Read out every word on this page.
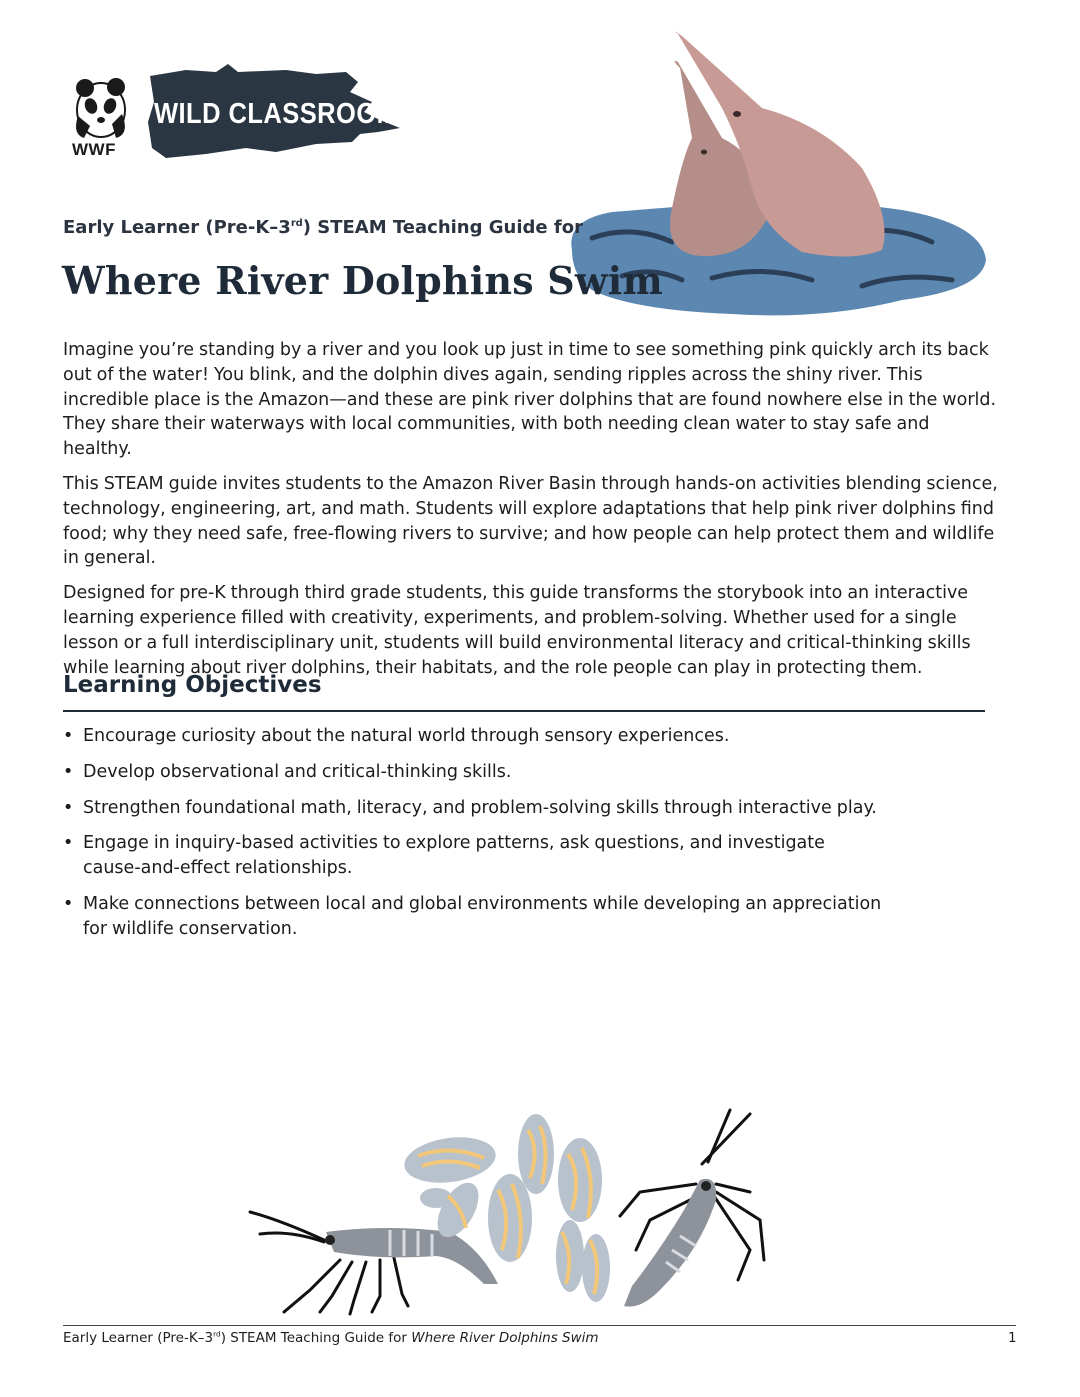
WWF
WILD CLASSROOM
Early Learner (Pre-K–3rd) STEAM Teaching Guide for
Where River Dolphins Swim

Imagine you’re standing by a river and you look up just in time to see something pink quickly arch its back out of the water! You blink, and the dolphin dives again, sending ripples across the shiny river. This incredible place is the Amazon—and these are pink river dolphins that are found nowhere else in the world. They share their waterways with local communities, with both needing clean water to stay safe and healthy.

This STEAM guide invites students to the Amazon River Basin through hands-on activities blending science, technology, engineering, art, and math. Students will explore adaptations that help pink river dolphins find food; why they need safe, free-flowing rivers to survive; and how people can help protect them and wildlife in general.

Designed for pre-K through third grade students, this guide transforms the storybook into an interactive learning experience filled with creativity, experiments, and problem-solving. Whether used for a single lesson or a full interdisciplinary unit, students will build environmental literacy and critical-thinking skills while learning about river dolphins, their habitats, and the role people can play in protecting them.

Learning Objectives
• Encourage curiosity about the natural world through sensory experiences.
• Develop observational and critical-thinking skills.
• Strengthen foundational math, literacy, and problem-solving skills through interactive play.
• Engage in inquiry-based activities to explore patterns, ask questions, and investigate cause-and-effect relationships.
• Make connections between local and global environments while developing an appreciation for wildlife conservation.
Early Learner (Pre-K–3rd) STEAM Teaching Guide for Where River Dolphins Swim	1
